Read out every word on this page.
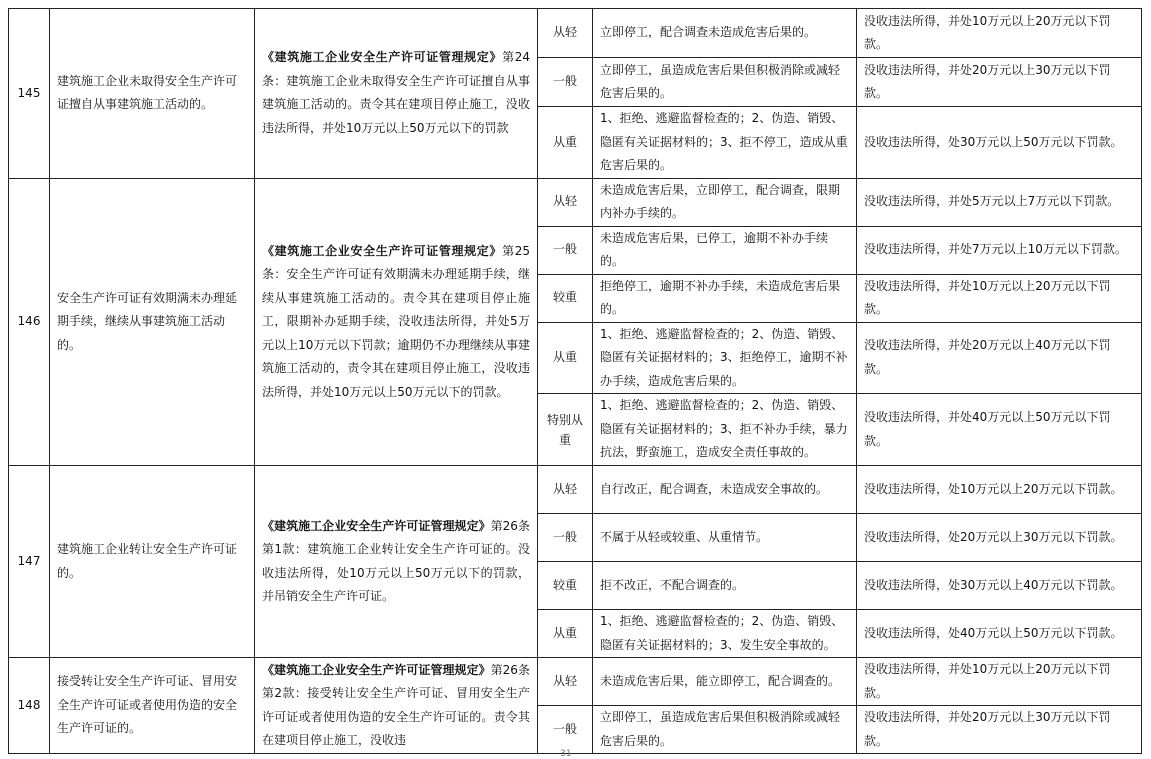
145	建筑施工企业未取得安全生产许可证擅自从事建筑施工活动的。	《建筑施工企业安全生产许可证管理规定》第24条：建筑施工企业未取得安全生产许可证擅自从事建筑施工活动的。责令其在建项目停止施工，没收违法所得，并处10万元以上50万元以下的罚款	从轻	立即停工，配合调查未造成危害后果的。	没收违法所得，并处10万元以上20万元以下罚款。
			一般	立即停工，虽造成危害后果但积极消除或减轻危害后果的。	没收违法所得，并处20万元以上30万元以下罚款。
			从重	1、拒绝、逃避监督检查的；2、伪造、销毁、隐匿有关证据材料的；3、拒不停工，造成从重危害后果的。	没收违法所得，处30万元以上50万元以下罚款。
146	安全生产许可证有效期满未办理延期手续，继续从事建筑施工活动的。	《建筑施工企业安全生产许可证管理规定》第25条：安全生产许可证有效期满未办理延期手续，继续从事建筑施工活动的。责令其在建项目停止施工，限期补办延期手续，没收违法所得，并处5万元以上10万元以下罚款；逾期仍不办理继续从事建筑施工活动的，责令其在建项目停止施工，没收违法所得，并处10万元以上50万元以下的罚款。	从轻	未造成危害后果，立即停工，配合调查，限期内补办手续的。	没收违法所得，并处5万元以上7万元以下罚款。
			一般	未造成危害后果，已停工，逾期不补办手续的。	没收违法所得，并处7万元以上10万元以下罚款。
			较重	拒绝停工，逾期不补办手续，未造成危害后果的。	没收违法所得，并处10万元以上20万元以下罚款。
			从重	1、拒绝、逃避监督检查的；2、伪造、销毁、隐匿有关证据材料的；3、拒绝停工，逾期不补办手续，造成危害后果的。	没收违法所得，并处20万元以上40万元以下罚款。
			特别从重	1、拒绝、逃避监督检查的；2、伪造、销毁、隐匿有关证据材料的；3、拒不补办手续，暴力抗法，野蛮施工，造成安全责任事故的。	没收违法所得，并处40万元以上50万元以下罚款。
147	建筑施工企业转让安全生产许可证的。	《建筑施工企业安全生产许可证管理规定》第26条第1款：建筑施工企业转让安全生产许可证的。没收违法所得，处10万元以上50万元以下的罚款，并吊销安全生产许可证。	从轻	自行改正，配合调查，未造成安全事故的。	没收违法所得，处10万元以上20万元以下罚款。
			一般	不属于从轻或较重、从重情节。	没收违法所得，处20万元以上30万元以下罚款。
			较重	拒不改正，不配合调查的。	没收违法所得，处30万元以上40万元以下罚款。
			从重	1、拒绝、逃避监督检查的；2、伪造、销毁、隐匿有关证据材料的；3、发生安全事故的。	没收违法所得，处40万元以上50万元以下罚款。
148	接受转让安全生产许可证、冒用安全生产许可证或者使用伪造的安全生产许可证的。	《建筑施工企业安全生产许可证管理规定》第26条第2款：接受转让安全生产许可证、冒用安全生产许可证或者使用伪造的安全生产许可证的。责令其在建项目停止施工，没收违	从轻	未造成危害后果，能立即停工，配合调查的。	没收违法所得，并处10万元以上20万元以下罚款。
			一般	立即停工，虽造成危害后果但积极消除或减轻危害后果的。	没收违法所得，并处20万元以上30万元以下罚款。
31
